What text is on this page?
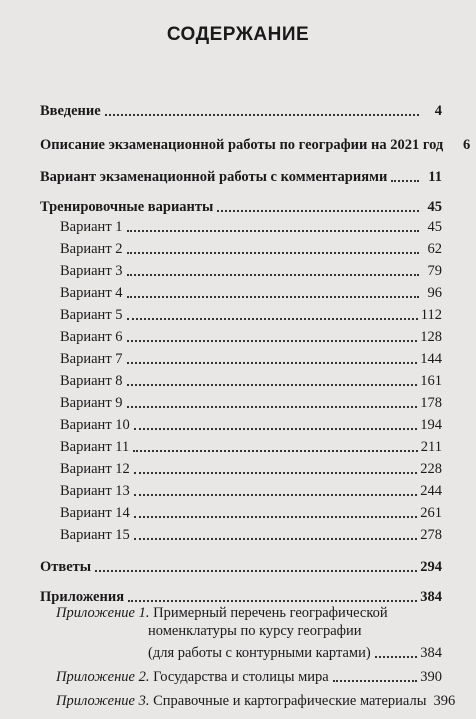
СОДЕРЖАНИЕ
Введение	4
Описание экзаменационной работы по географии на 2021 год	6
Вариант экзаменационной работы с комментариями	11
Тренировочные варианты	45
Вариант 1	45
Вариант 2	62
Вариант 3	79
Вариант 4	96
Вариант 5	112
Вариант 6	128
Вариант 7	144
Вариант 8	161
Вариант 9	178
Вариант 10	194
Вариант 11	211
Вариант 12	228
Вариант 13	244
Вариант 14	261
Вариант 15	278
Ответы	294
Приложения	384
Приложение 1. Примерный перечень географической
номенклатуры по курсу географии
(для работы с контурными картами)	384
Приложение 2. Государства и столицы мира	390
Приложение 3. Справочные и картографические материалы 396
